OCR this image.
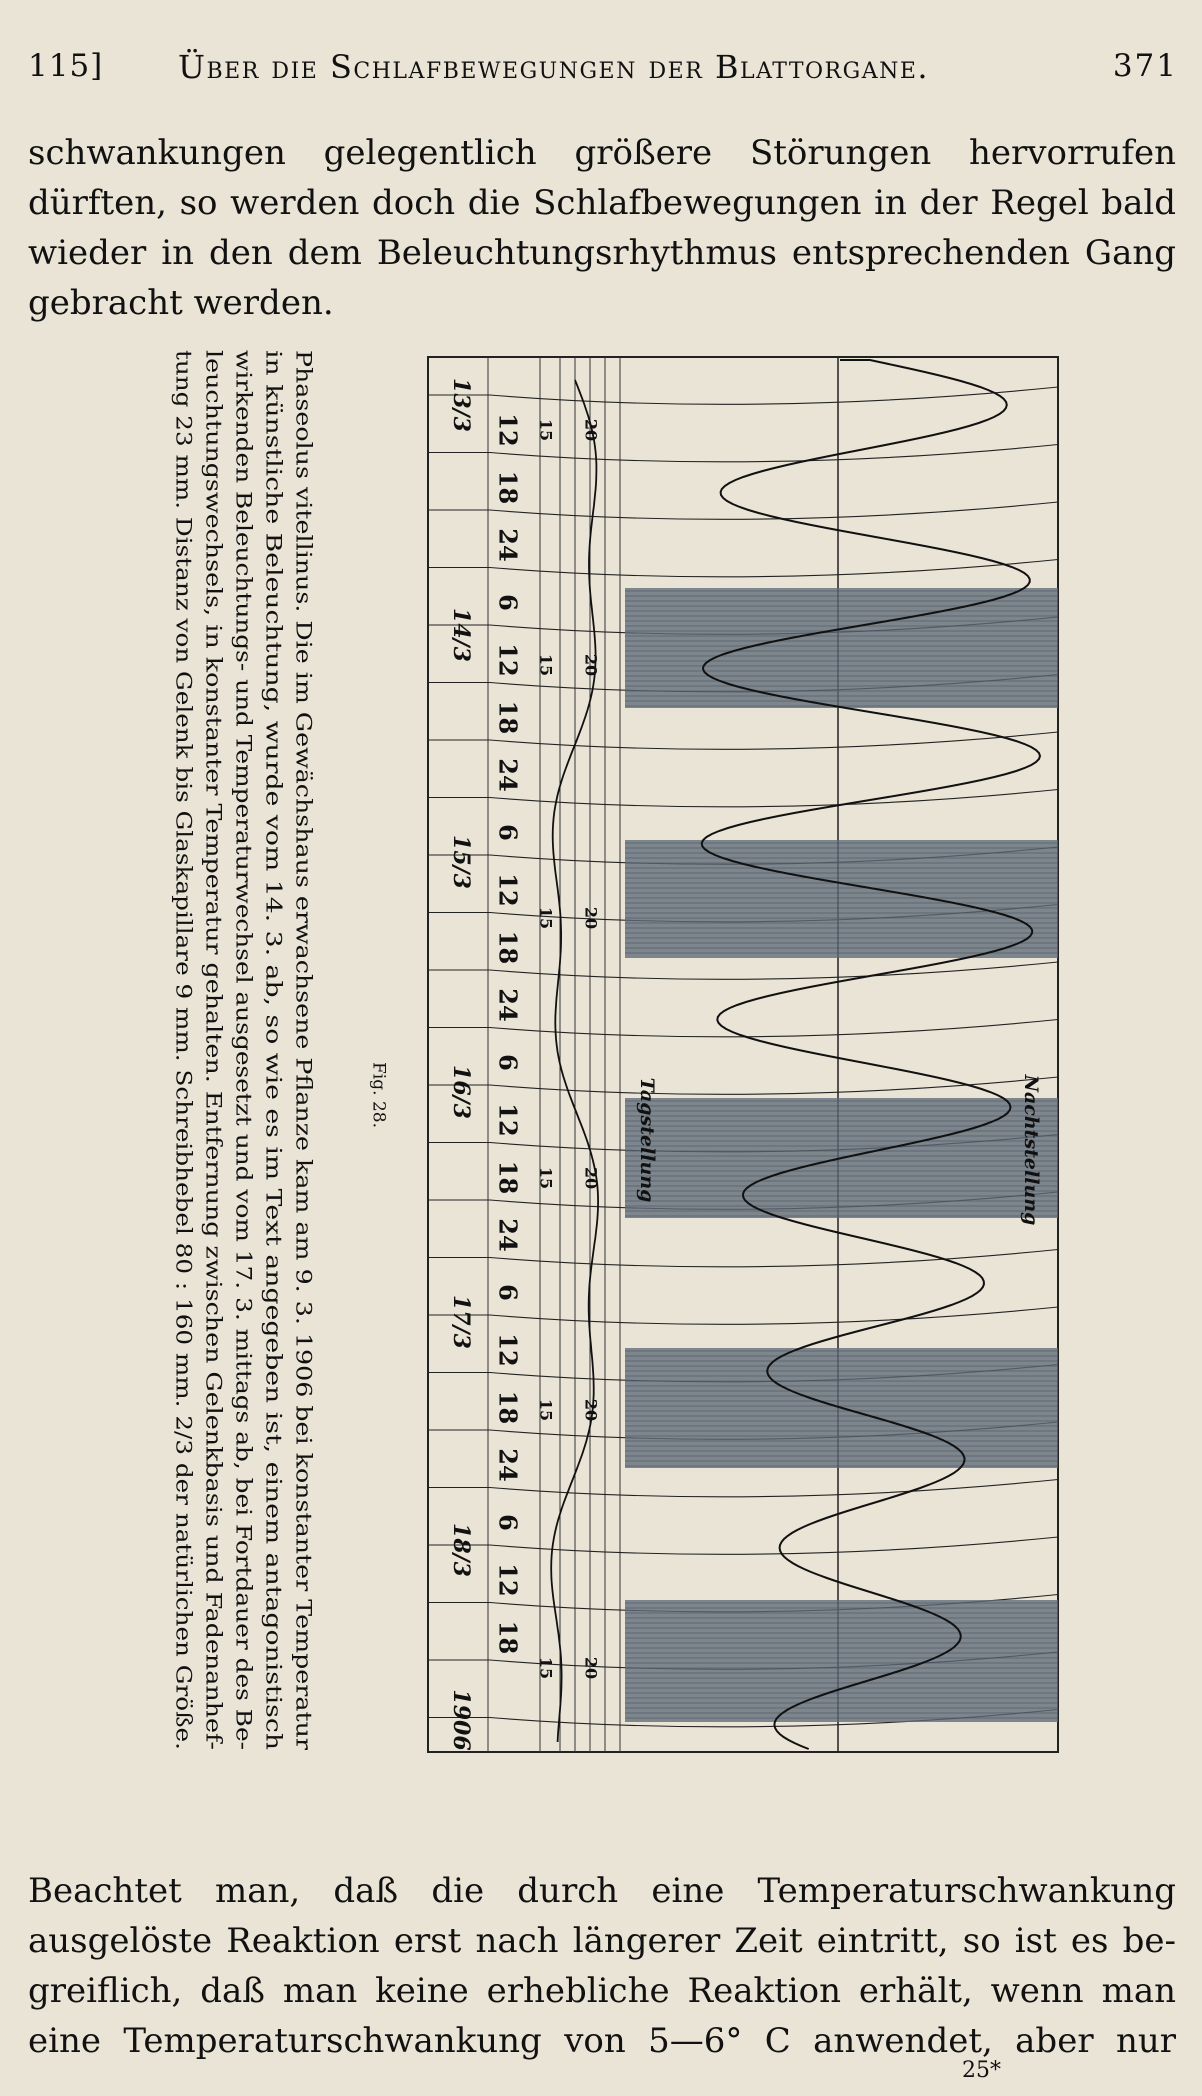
115] Über die Schlafbewegungen der Blattorgane.	371
schwankungen gelegentlich größere Störungen hervorrufen
dürften, so werden doch die Schlafbewegungen in der Regel bald
wieder in den dem Beleuchtungsrhythmus entsprechenden Gang
gebracht werden.
12
18
24
6
12
18
24
6
12
18
24
6
12
18
24
6
12
18
24
6
12
18
13/3
14/3
15/3
16/3
17/3
18/3
1906
20
15
20
15
20
15
20
15
20
15
20
15
Tagstellung	Nachtstellung
Fig. 28.
Phaseolus vitellinus. Die im Gewächshaus erwachsene Pflanze kam am 9. 3. 1906 bei konstanter Temperatur
in künstliche Beleuchtung, wurde vom 14. 3. ab, so wie es im Text angegeben ist, einem antagonistisch
wirkenden Beleuchtungs- und Temperaturwechsel ausgesetzt und vom 17. 3. mittags ab, bei Fortdauer des Be-
leuchtungswechsels, in konstanter Temperatur gehalten. Entfernung zwischen Gelenkbasis und Fadenanhef-
tung 23 mm. Distanz von Gelenk bis Glaskapillare 9 mm. Schreibhebel 80 : 160 mm. 2/3 der natürlichen Größe.
Beachtet man, daß die durch eine Temperaturschwankung
ausgelöste Reaktion erst nach längerer Zeit eintritt, so ist es be-
greiflich, daß man keine erhebliche Reaktion erhält, wenn man
eine Temperaturschwankung von 5—6° C anwendet, aber nur
25*
